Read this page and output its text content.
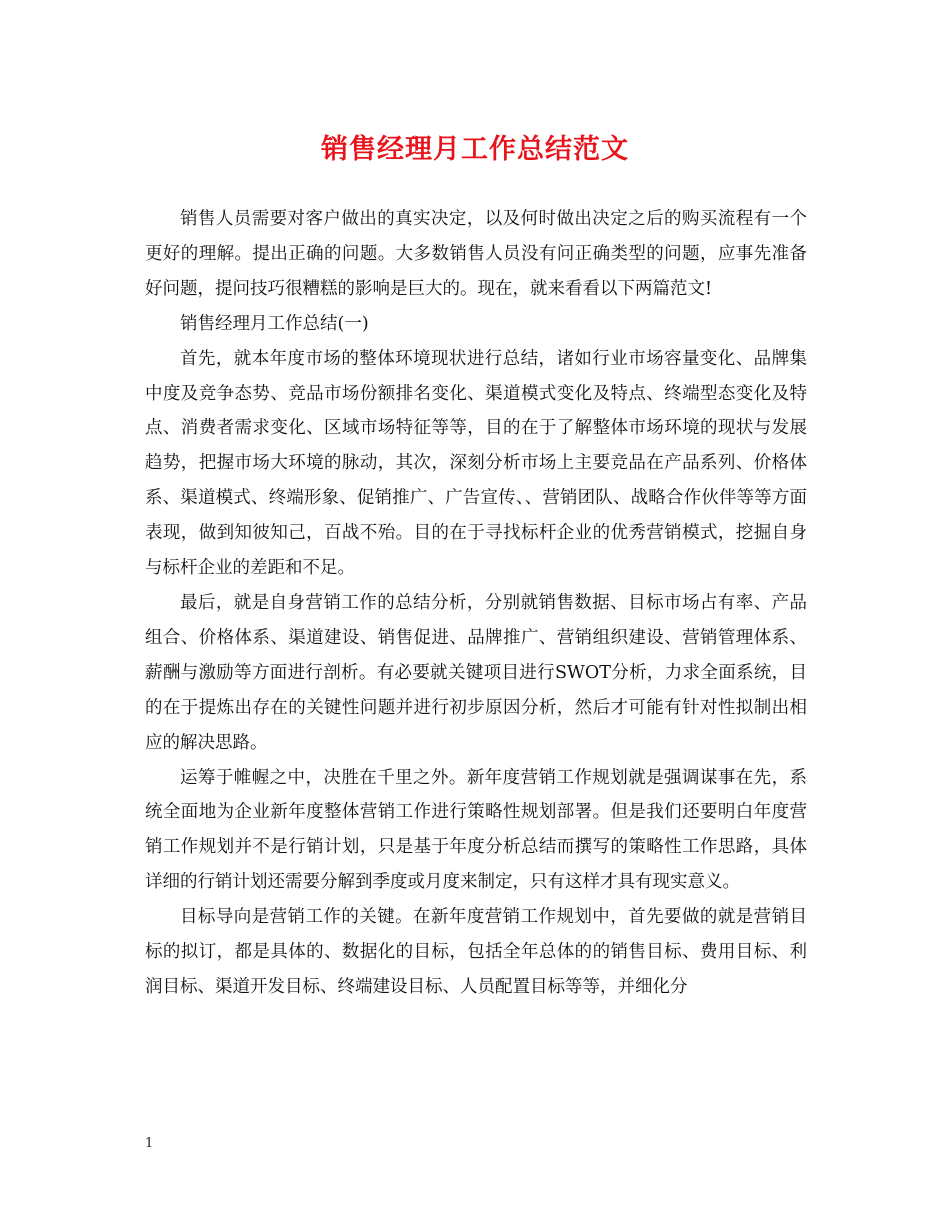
销售经理月工作总结范文

销售人员需要对客户做出的真实决定，以及何时做出决定之后的购买流程有一个更好的理解。提出正确的问题。大多数销售人员没有问正确类型的问题，应事先准备好问题，提问技巧很糟糕的影响是巨大的。现在，就来看看以下两篇范文!

销售经理月工作总结(一)

首先，就本年度市场的整体环境现状进行总结，诸如行业市场容量变化、品牌集中度及竞争态势、竞品市场份额排名变化、渠道模式变化及特点、终端型态变化及特点、消费者需求变化、区域市场特征等等，目的在于了解整体市场环境的现状与发展趋势，把握市场大环境的脉动，其次，深刻分析市场上主要竞品在产品系列、价格体系、渠道模式、终端形象、促销推广、广告宣传、、营销团队、战略合作伙伴等等方面表现，做到知彼知己，百战不殆。目的在于寻找标杆企业的优秀营销模式，挖掘自身与标杆企业的差距和不足。

最后，就是自身营销工作的总结分析，分别就销售数据、目标市场占有率、产品组合、价格体系、渠道建设、销售促进、品牌推广、营销组织建设、营销管理体系、薪酬与激励等方面进行剖析。有必要就关键项目进行SWOT分析，力求全面系统，目的在于提炼出存在的关键性问题并进行初步原因分析，然后才可能有针对性拟制出相应的解决思路。

运筹于帷幄之中，决胜在千里之外。新年度营销工作规划就是强调谋事在先，系统全面地为企业新年度整体营销工作进行策略性规划部署。但是我们还要明白年度营销工作规划并不是行销计划，只是基于年度分析总结而撰写的策略性工作思路，具体详细的行销计划还需要分解到季度或月度来制定，只有这样才具有现实意义。

目标导向是营销工作的关键。在新年度营销工作规划中，首先要做的就是营销目标的拟订，都是具体的、数据化的目标，包括全年总体的的销售目标、费用目标、利润目标、渠道开发目标、终端建设目标、人员配置目标等等，并细化分

1
